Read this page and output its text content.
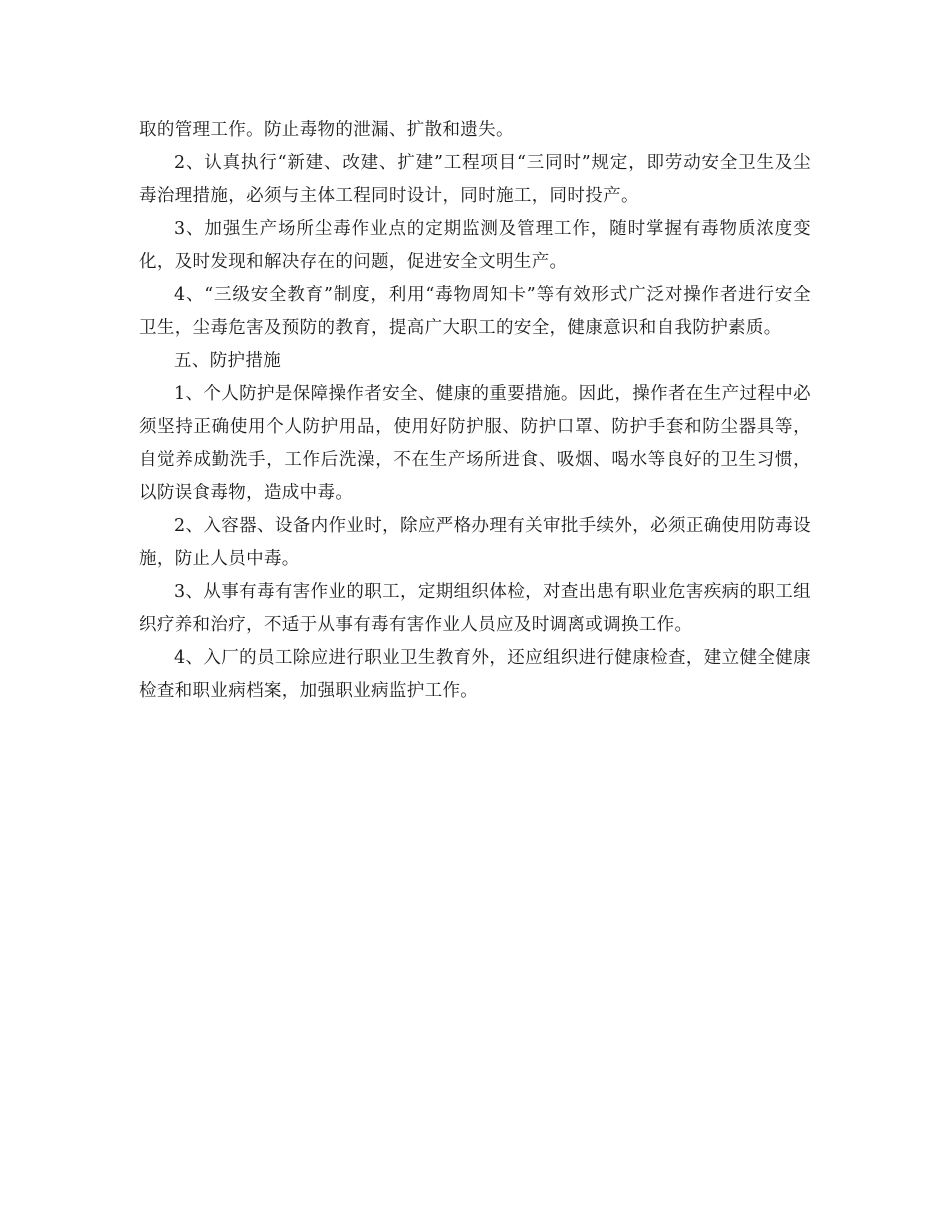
取的管理工作。防止毒物的泄漏、扩散和遗失。

2、认真执行“新建、改建、扩建”工程项目“三同时”规定，即劳动安全卫生及尘毒治理措施，必须与主体工程同时设计，同时施工，同时投产。

3、加强生产场所尘毒作业点的定期监测及管理工作，随时掌握有毒物质浓度变化，及时发现和解决存在的问题，促进安全文明生产。

4、“三级安全教育”制度，利用“毒物周知卡”等有效形式广泛对操作者进行安全卫生，尘毒危害及预防的教育，提高广大职工的安全，健康意识和自我防护素质。

五、防护措施

1、个人防护是保障操作者安全、健康的重要措施。因此，操作者在生产过程中必须坚持正确使用个人防护用品，使用好防护服、防护口罩、防护手套和防尘器具等，自觉养成勤洗手，工作后洗澡，不在生产场所进食、吸烟、喝水等良好的卫生习惯，以防误食毒物，造成中毒。

2、入容器、设备内作业时，除应严格办理有关审批手续外，必须正确使用防毒设施，防止人员中毒。

3、从事有毒有害作业的职工，定期组织体检，对查出患有职业危害疾病的职工组织疗养和治疗，不适于从事有毒有害作业人员应及时调离或调换工作。

4、入厂的员工除应进行职业卫生教育外，还应组织进行健康检查，建立健全健康检查和职业病档案，加强职业病监护工作。
